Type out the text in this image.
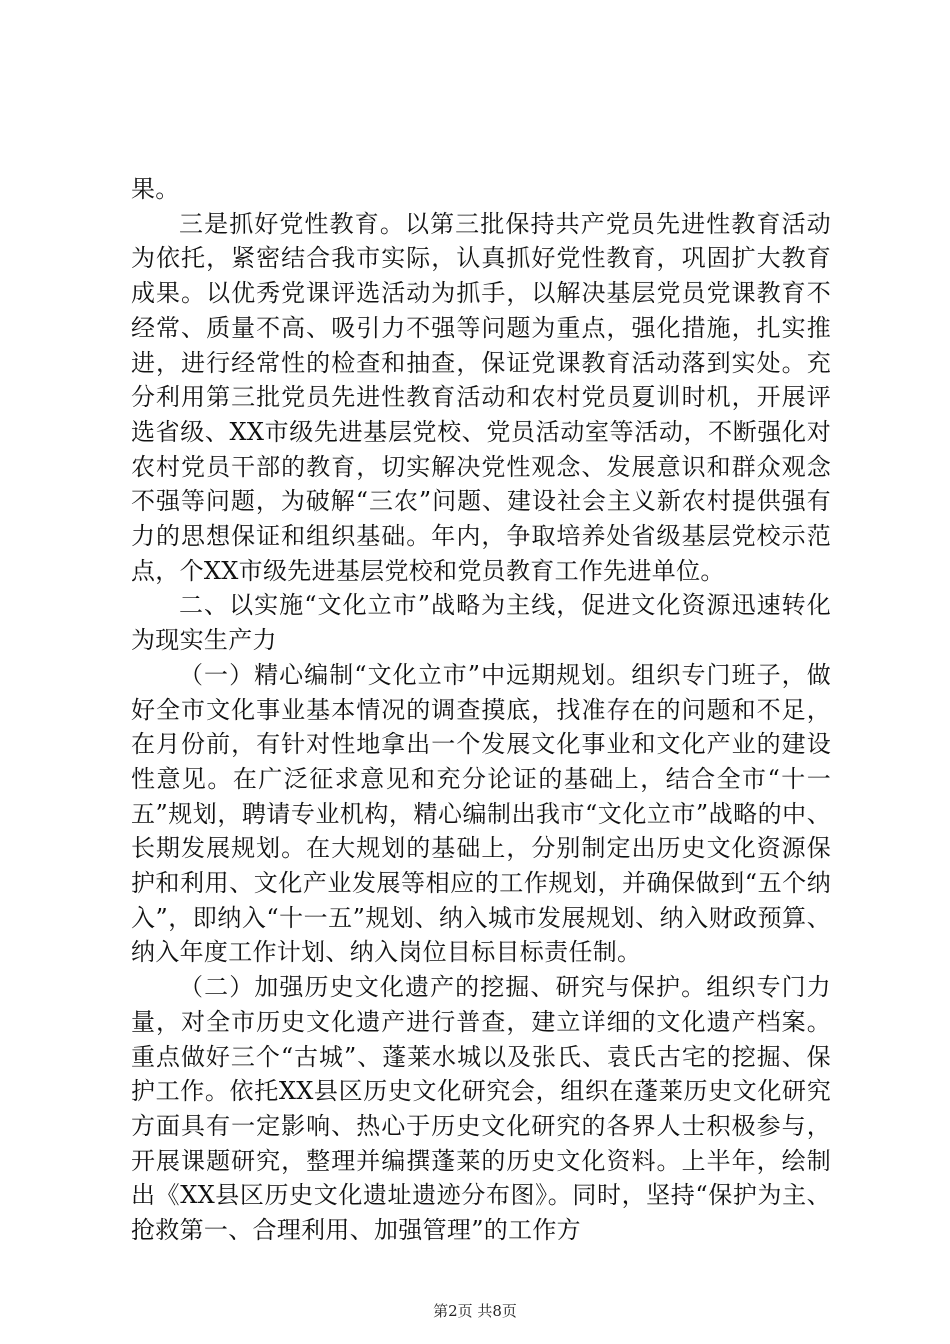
果。

三是抓好党性教育。以第三批保持共产党员先进性教育活动为依托，紧密结合我市实际，认真抓好党性教育，巩固扩大教育成果。以优秀党课评选活动为抓手，以解决基层党员党课教育不经常、质量不高、吸引力不强等问题为重点，强化措施，扎实推进，进行经常性的检查和抽查，保证党课教育活动落到实处。充分利用第三批党员先进性教育活动和农村党员夏训时机，开展评选省级、XX市级先进基层党校、党员活动室等活动，不断强化对农村党员干部的教育，切实解决党性观念、发展意识和群众观念不强等问题，为破解“三农”问题、建设社会主义新农村提供强有力的思想保证和组织基础。年内，争取培养处省级基层党校示范点，个XX市级先进基层党校和党员教育工作先进单位。

二、以实施“文化立市”战略为主线，促进文化资源迅速转化为现实生产力

（一）精心编制“文化立市”中远期规划。组织专门班子，做好全市文化事业基本情况的调查摸底，找准存在的问题和不足，在月份前，有针对性地拿出一个发展文化事业和文化产业的建设性意见。在广泛征求意见和充分论证的基础上，结合全市“十一五”规划，聘请专业机构，精心编制出我市“文化立市”战略的中、长期发展规划。在大规划的基础上，分别制定出历史文化资源保护和利用、文化产业发展等相应的工作规划，并确保做到“五个纳入”，即纳入“十一五”规划、纳入城市发展规划、纳入财政预算、纳入年度工作计划、纳入岗位目标目标责任制。

（二）加强历史文化遗产的挖掘、研究与保护。组织专门力量，对全市历史文化遗产进行普查，建立详细的文化遗产档案。重点做好三个“古城”、蓬莱水城以及张氏、袁氏古宅的挖掘、保护工作。依托XX县区历史文化研究会，组织在蓬莱历史文化研究方面具有一定影响、热心于历史文化研究的各界人士积极参与，开展课题研究，整理并编撰蓬莱的历史文化资料。上半年，绘制出《XX县区历史文化遗址遗迹分布图》。同时，坚持“保护为主、抢救第一、合理利用、加强管理”的工作方

第2页 共8页
